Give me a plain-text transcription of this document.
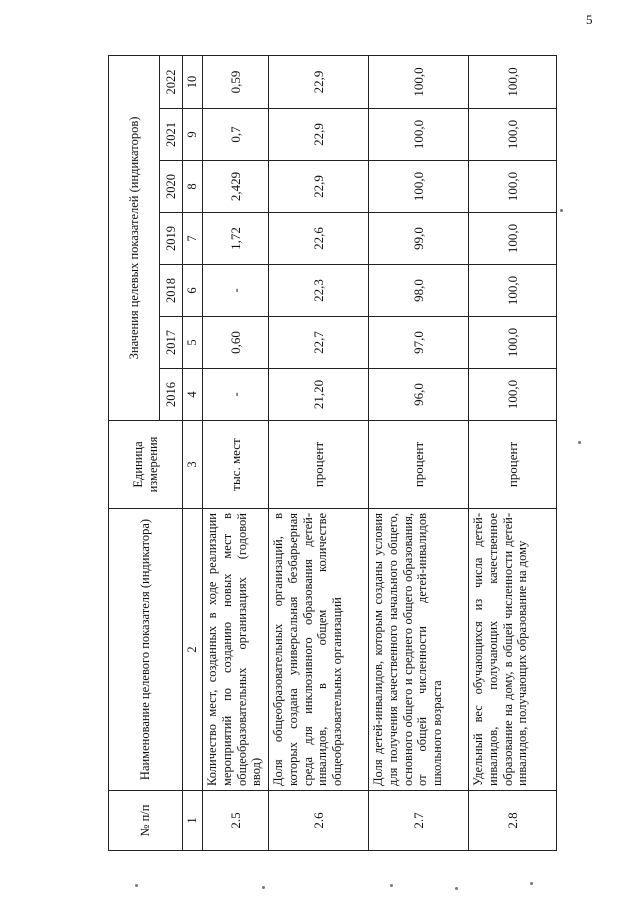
5
№ п/п	Наименование целевого показателя (индикатора)	Единица измерения	Значения целевых показателей (индикаторов)						
			2016	2017	2018	2019	2020	2021	2022
1	2	3	4	5	6	7	8	9	10
2.5	Количество мест, созданных в ходе реализации мероприятий по созданию новых мест в общеобразовательных организациях (годовой ввод)	тыс. мест	-	0,60	-	1,72	2,429	0,7	0,59
2.6	Доля общеобразовательных организаций, в которых создана универсальная безбарьерная среда для инклюзивного образования детей-инвалидов, в общем количестве общеобразовательных организаций	процент	21,20	22,7	22,3	22,6	22,9	22,9	22,9
2.7	Доля детей-инвалидов, которым созданы условия для получения качественного начального общего, основного общего и среднего общего образования, от общей численности детей-инвалидов школьного возраста	процент	96,0	97,0	98,0	99,0	100,0	100,0	100,0
2.8	Удельный вес обучающихся из числа детей-инвалидов, получающих качественное образование на дому, в общей численности детей-инвалидов, получающих образование на дому	процент	100,0	100,0	100,0	100,0	100,0	100,0	100,0
